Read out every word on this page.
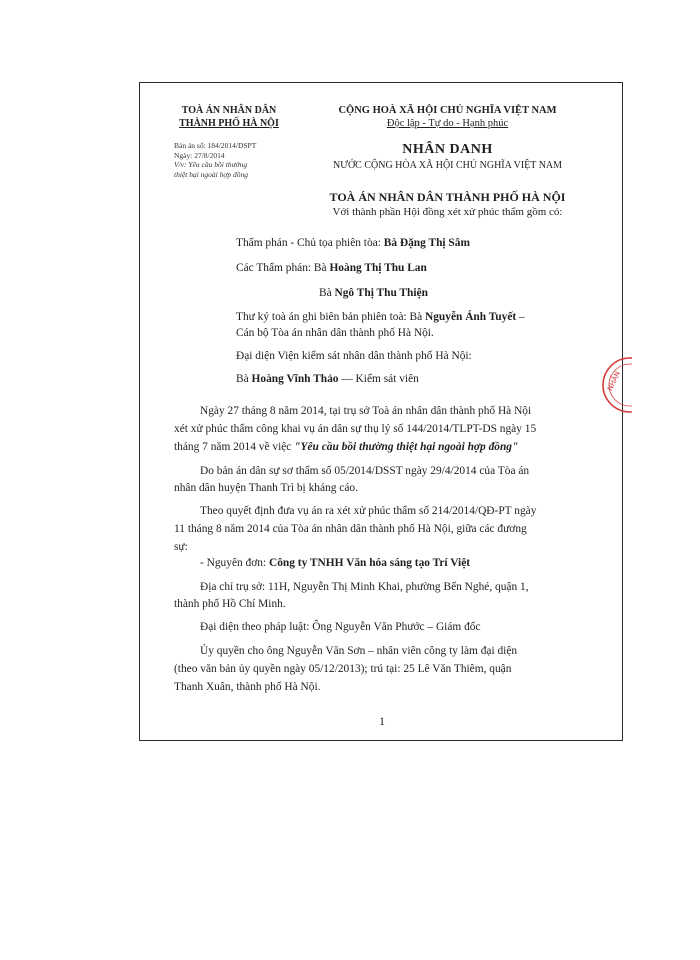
TOÀ ÁN NHÂN DÂN
THÀNH PHỐ HÀ NỘI
CỘNG HOÀ XÃ HỘI CHỦ NGHĨA VIỆT NAM
Độc lập - Tự do - Hạnh phúc
Bản án số: 184/2014/DSPT
Ngày: 27/8/2014
V/v: Yêu cầu bồi thường
thiệt hại ngoài hợp đồng
NHÂN DANH
NƯỚC CỘNG HÒA XÃ HỘI CHỦ NGHĨA VIỆT NAM
TOÀ ÁN NHÂN DÂN THÀNH PHỐ HÀ NỘI
Với thành phần Hội đồng xét xử phúc thẩm gồm có:
Thẩm phán - Chủ tọa phiên tòa: Bà Đặng Thị Sâm
Các Thẩm phán: Bà Hoàng Thị Thu Lan
Bà Ngô Thị Thu Thiện
Thư ký toà án ghi biên bản phiên toà: Bà Nguyễn Ánh Tuyết –
Cán bộ Tòa án nhân dân thành phố Hà Nội.
Đại diện Viện kiểm sát nhân dân thành phố Hà Nội:
Bà Hoàng Vĩnh Thảo — Kiểm sát viên
Ngày 27 tháng 8 năm 2014, tại trụ sở Toà án nhân dân thành phố Hà Nội
xét xử phúc thẩm công khai vụ án dân sự thụ lý số 144/2014/TLPT-DS ngày 15
tháng 7 năm 2014 về việc "Yêu cầu bồi thường thiệt hại ngoài hợp đồng"
Do bản án dân sự sơ thẩm số 05/2014/DSST ngày 29/4/2014 của Tòa án
nhân dân huyện Thanh Trì bị kháng cáo.
Theo quyết định đưa vụ án ra xét xử phúc thẩm số 214/2014/QĐ-PT ngày
11 tháng 8 năm 2014 của Tòa án nhân dân thành phố Hà Nội, giữa các đương
sự:
- Nguyên đơn: Công ty TNHH Văn hóa sáng tạo Trí Việt
Địa chỉ trụ sở: 11H, Nguyễn Thị Minh Khai, phường Bến Nghé, quận 1,
thành phố Hồ Chí Minh.
Đại diện theo pháp luật: Ông Nguyễn Văn Phước – Giám đốc
Ủy quyền cho ông Nguyễn Văn Sơn – nhân viên công ty làm đại diện
(theo văn bản ủy quyền ngày 05/12/2013); trú tại: 25 Lê Văn Thiêm, quận
Thanh Xuân, thành phố Hà Nội.
1
NHÂN
